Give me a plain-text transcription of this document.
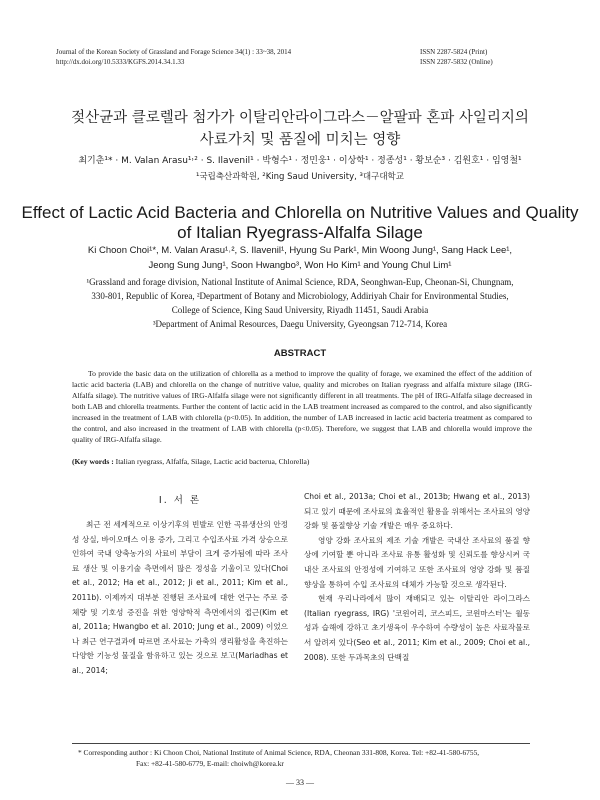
Journal of the Korean Society of Grassland and Forage Science 34(1) : 33~38, 2014
http://dx.doi.org/10.5333/KGFS.2014.34.1.33
ISSN 2287-5824 (Print)
ISSN 2287-5832 (Online)
젖산균과 클로렐라 첨가가 이탈리안라이그라스－알팔파 혼파 사일리지의
사료가치 및 품질에 미치는 영향
최기춘¹* · M. Valan Arasu¹˒² · S. Ilavenil¹ · 박형수¹ · 정민웅¹ · 이상학¹ · 정종성¹ · 황보순³ · 김원호¹ · 임영철¹
¹국립축산과학원, ²King Saud University, ³대구대학교
Effect of Lactic Acid Bacteria and Chlorella on Nutritive Values and Quality
of Italian Ryegrass-Alfalfa Silage
Ki Choon Choi¹*, M. Valan Arasu¹˒², S. Ilavenil¹, Hyung Su Park¹, Min Woong Jung¹, Sang Hack Lee¹,
Jeong Sung Jung¹, Soon Hwangbo³, Won Ho Kim¹ and Young Chul Lim¹
¹Grassland and forage division, National Institute of Animal Science, RDA, Seonghwan-Eup, Cheonan-Si, Chungnam,
330-801, Republic of Korea, ²Department of Botany and Microbiology, Addiriyah Chair for Environmental Studies,
College of Science, King Saud University, Riyadh 11451, Saudi Arabia
³Department of Animal Resources, Daegu University, Gyeongsan 712-714, Korea
ABSTRACT
To provide the basic data on the utilization of chlorella as a method to improve the quality of forage, we examined the effect of the addition of lactic acid bacteria (LAB) and chlorella on the change of nutritive value, quality and microbes on Italian ryegrass and alfalfa mixture silage (IRG-Alfalfa silage). The nutritive values of IRG-Alfalfa silage were not significantly different in all treatments. The pH of IRG-Alfalfa silage decreased in both LAB and chlorella treatments. Further the content of lactic acid in the LAB treatment increased as compared to the control, and also significantly increased in the treatment of LAB with chlorella (p<0.05). In addition, the number of LAB increased in lactic acid bacteria treatment as compared to the control, and also increased in the treatment of LAB with chlorella (p<0.05). Therefore, we suggest that LAB and chlorella would improve the quality of IRG-Alfalfa silage.
(Key words : Italian ryegrass, Alfalfa, Silage, Lactic acid bacterua, Chlorella)
Ⅰ. 서 론

최근 전 세계적으로 이상기후의 빈발로 인한 곡류생산의 안정성 상실, 바이오매스 이용 증가, 그리고 수입조사료 가격 상승으로 인하여 국내 양축농가의 사료비 부담이 크게 증가됨에 따라 조사료 생산 및 이용기술 측면에서 많은 정성을 기울이고 있다(Choi et al., 2012; Ha et al., 2012; Ji et al., 2011; Kim et al., 2011b). 이제까지 대부분 진행된 조사료에 대한 연구는 주로 증체량 및 기호성 증진을 위한 영양학적 측면에서의 접근(Kim et al, 2011a; Hwangbo et al. 2010; Jung et al., 2009) 이었으나 최근 연구결과에 따르면 조사료는 가축의 생리활성을 촉진하는 다양한 기능성 물질을 함유하고 있는 것으로 보고(Mariadhas et al., 2014;

Choi et al., 2013a; Choi et al., 2013b; Hwang et al., 2013) 되고 있기 때문에 조사료의 효율적인 활용을 위해서는 조사료의 영양강화 및 품질향상 기술 개발은 매우 중요하다.

영양 강화 조사료의 제조 기술 개발은 국내산 조사료의 품질 향상에 기여할 뿐 아니라 조사료 유통 활성화 및 신뢰도를 향상시켜 국내산 조사료의 안정성에 기여하고 또한 조사료의 영양 강화 및 품질향상을 통하여 수입 조사료의 대체가 가능할 것으로 생각된다.

현재 우리나라에서 많이 재배되고 있는 이탈리안 라이그라스(Italian ryegrass, IRG) '코윈어리, 코스피드, 코윈마스터'는 월동성과 습해에 강하고 초기생육이 우수하여 수량성이 높은 사료작물로서 알려져 있다(Seo et al., 2011; Kim et al., 2009; Choi et al., 2008). 또한 두과목초의 단백질

* Corresponding author : Ki Choon Choi, National Institute of Animal Science, RDA, Cheonan 331-808, Korea. Tel: +82-41-580-6755,
Fax: +82-41-580-6779, E-mail: choiwh@korea.kr
― 33 ―
